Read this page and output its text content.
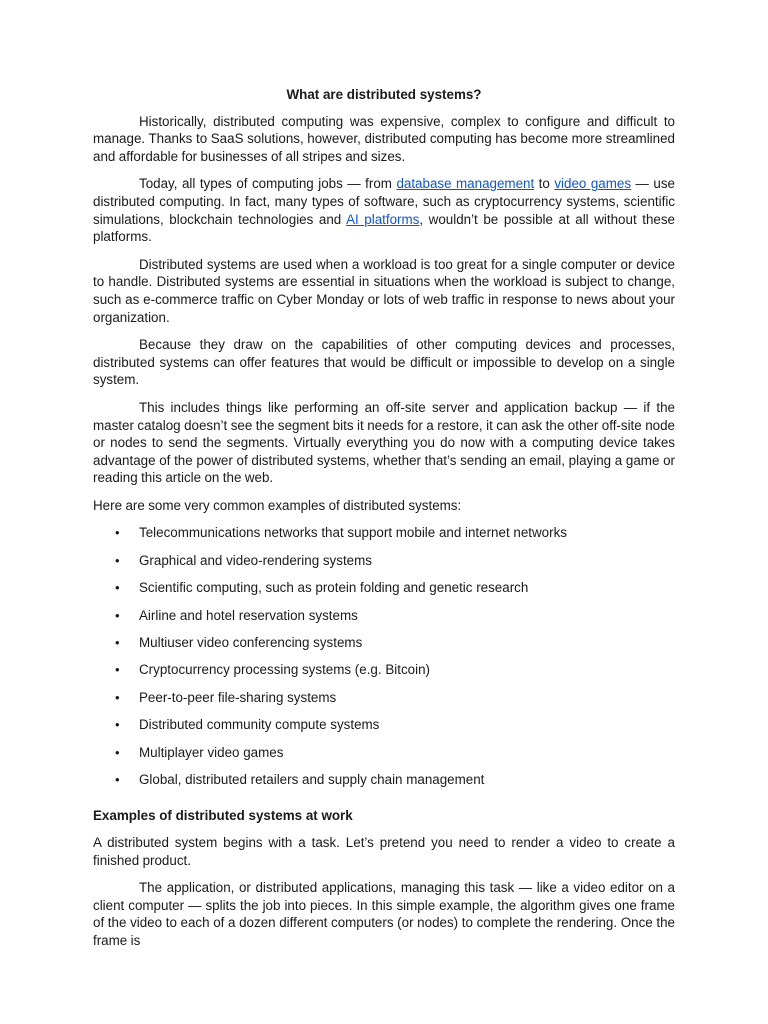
What are distributed systems?

Historically, distributed computing was expensive, complex to configure and difficult to manage. Thanks to SaaS solutions, however, distributed computing has become more streamlined and affordable for businesses of all stripes and sizes.

Today, all types of computing jobs — from database management to video games — use distributed computing. In fact, many types of software, such as cryptocurrency systems, scientific simulations, blockchain technologies and AI platforms, wouldn’t be possible at all without these platforms.

Distributed systems are used when a workload is too great for a single computer or device to handle. Distributed systems are essential in situations when the workload is subject to change, such as e-commerce traffic on Cyber Monday or lots of web traffic in response to news about your organization.

Because they draw on the capabilities of other computing devices and processes, distributed systems can offer features that would be difficult or impossible to develop on a single system.

This includes things like performing an off-site server and application backup — if the master catalog doesn’t see the segment bits it needs for a restore, it can ask the other off-site node or nodes to send the segments. Virtually everything you do now with a computing device takes advantage of the power of distributed systems, whether that’s sending an email, playing a game or reading this article on the web.

Here are some very common examples of distributed systems:

• Telecommunications networks that support mobile and internet networks
• Graphical and video-rendering systems
• Scientific computing, such as protein folding and genetic research
• Airline and hotel reservation systems
• Multiuser video conferencing systems
• Cryptocurrency processing systems (e.g. Bitcoin)
• Peer-to-peer file-sharing systems
• Distributed community compute systems
• Multiplayer video games
• Global, distributed retailers and supply chain management
Examples of distributed systems at work

A distributed system begins with a task. Let’s pretend you need to render a video to create a finished product.

The application, or distributed applications, managing this task — like a video editor on a client computer — splits the job into pieces. In this simple example, the algorithm gives one frame of the video to each of a dozen different computers (or nodes) to complete the rendering. Once the frame is
